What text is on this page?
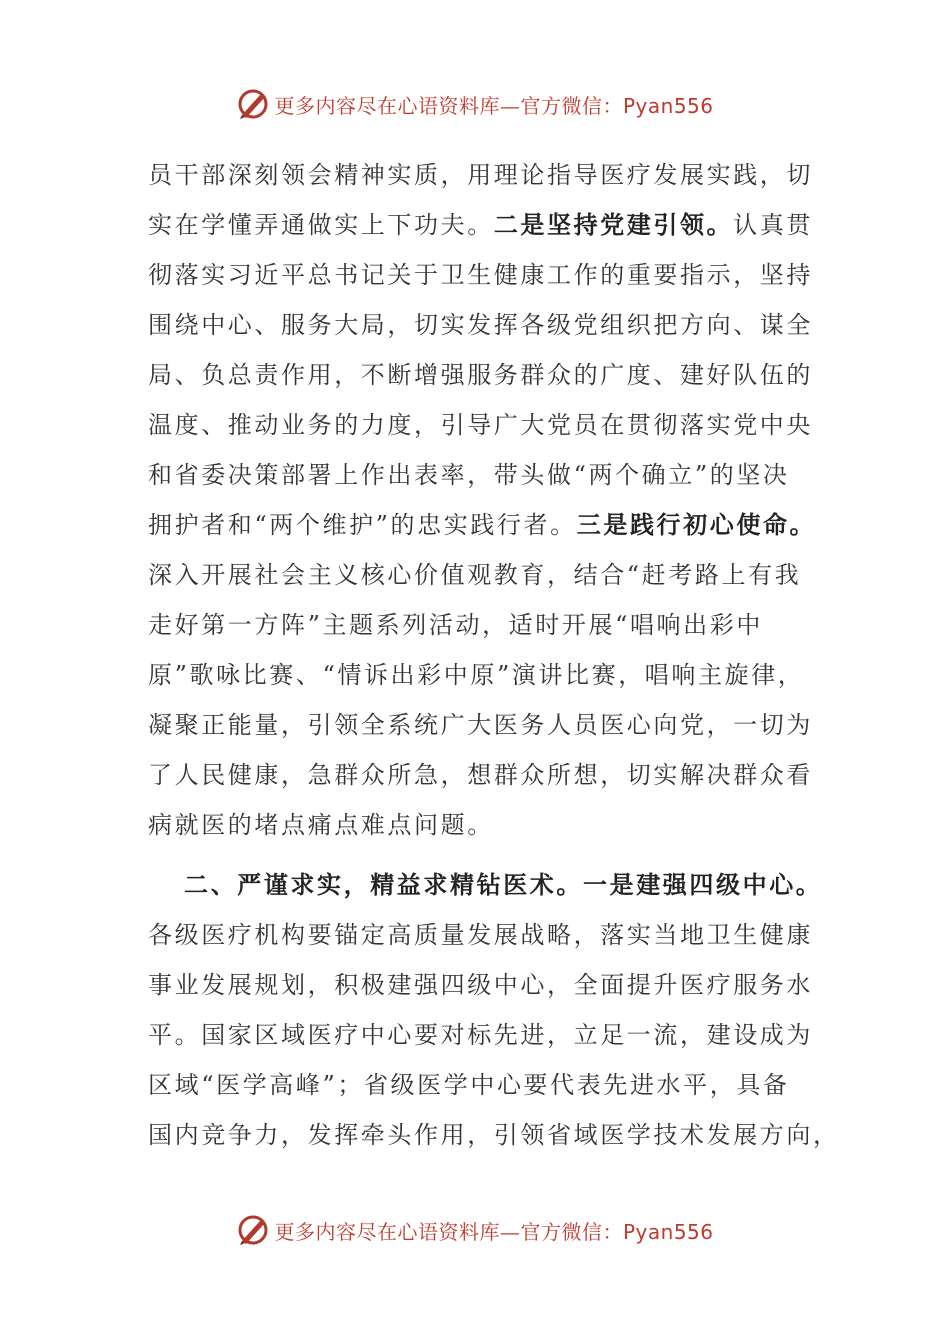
更多内容尽在心语资料库—官方微信：Pyan556
员干部深刻领会精神实质，用理论指导医疗发展实践，切
实在学懂弄通做实上下功夫。二是坚持党建引领。认真贯
彻落实习近平总书记关于卫生健康工作的重要指示，坚持
围绕中心、服务大局，切实发挥各级党组织把方向、谋全
局、负总责作用，不断增强服务群众的广度、建好队伍的
温度、推动业务的力度，引导广大党员在贯彻落实党中央
和省委决策部署上作出表率，带头做“两个确立”的坚决
拥护者和“两个维护”的忠实践行者。三是践行初心使命。
深入开展社会主义核心价值观教育，结合“赶考路上有我
走好第一方阵”主题系列活动，适时开展“唱响出彩中
原”歌咏比赛、“情诉出彩中原”演讲比赛，唱响主旋律，
凝聚正能量，引领全系统广大医务人员医心向党，一切为
了人民健康，急群众所急，想群众所想，切实解决群众看
病就医的堵点痛点难点问题。
二、严谨求实，精益求精钻医术。一是建强四级中心。
各级医疗机构要锚定高质量发展战略，落实当地卫生健康
事业发展规划，积极建强四级中心，全面提升医疗服务水
平。国家区域医疗中心要对标先进，立足一流，建设成为
区域“医学高峰”；省级医学中心要代表先进水平，具备
国内竞争力，发挥牵头作用，引领省域医学技术发展方向，
更多内容尽在心语资料库—官方微信：Pyan556
